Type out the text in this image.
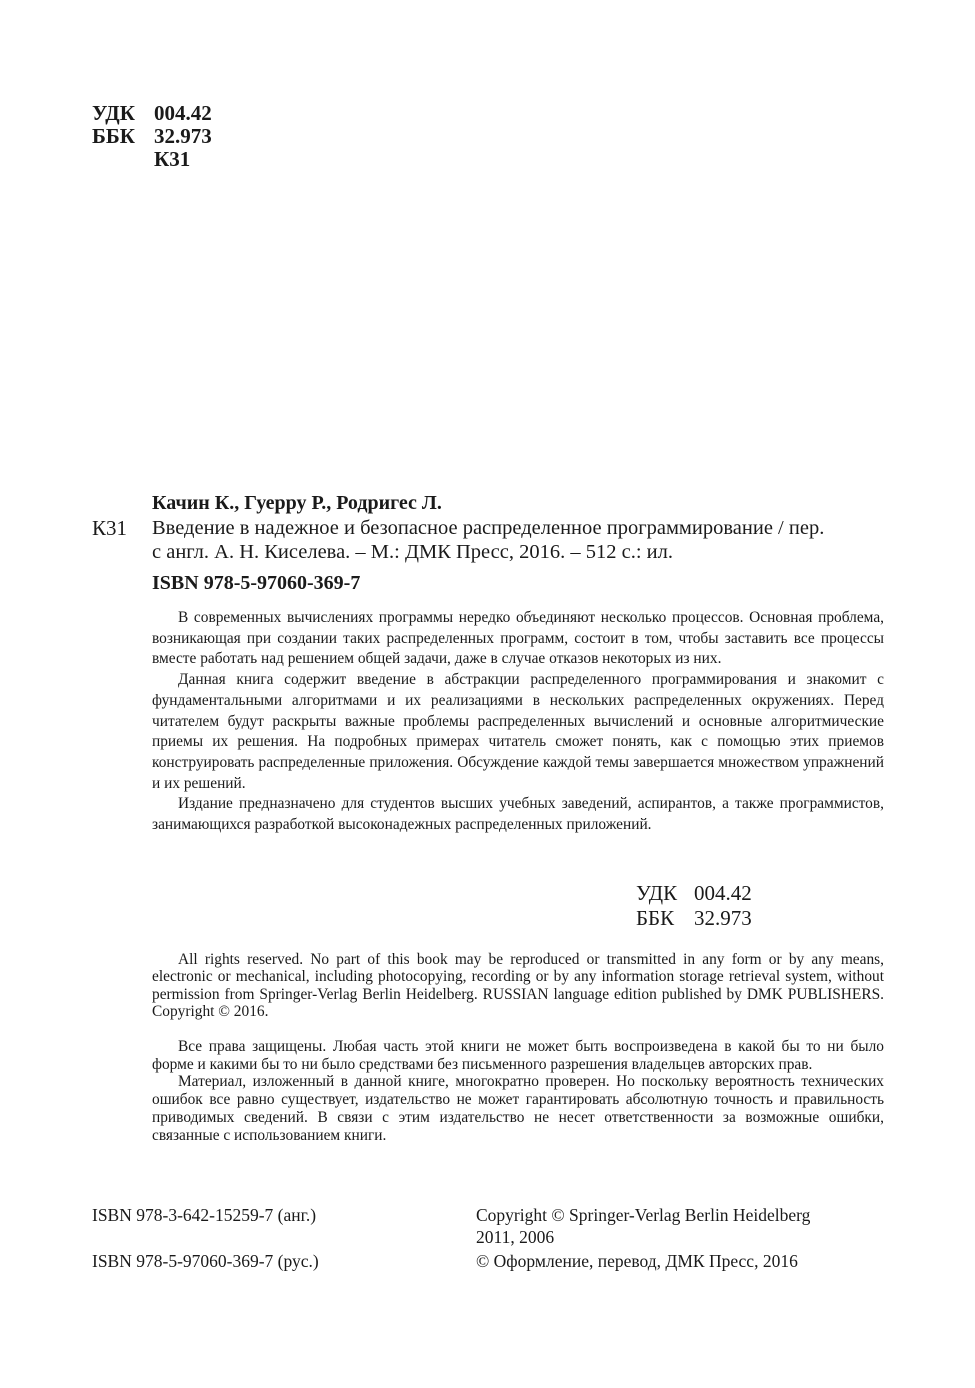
УДК 004.42
ББК 32.973
К31
Качин К., Гуерру Р., Родригес Л.
К31 Введение в надежное и безопасное распределенное программирование / пер.
с англ. А. Н. Киселева. – М.: ДМК Пресс, 2016. – 512 с.: ил.
ISBN 978-5-97060-369-7

В современных вычислениях программы нередко объединяют несколько процессов. Основная проблема, возникающая при создании таких распределенных программ, состоит в том, чтобы заставить все процессы вместе работать над решением общей задачи, даже в случае отказов некоторых из них.

Данная книга содержит введение в абстракции распределенного программирования и знакомит с фундаментальными алгоритмами и их реализациями в нескольких распределенных окружениях. Перед читателем будут раскрыты важные проблемы распределенных вычислений и основные алгоритмические приемы их решения. На подробных примерах читатель сможет понять, как с помощью этих приемов конструировать распределенные приложения. Обсуждение каждой темы завершается множеством упражнений и их решений.

Издание предназначено для студентов высших учебных заведений, аспирантов, а также программистов, занимающихся разработкой высоконадежных распределенных приложений.

УДК 004.42
ББК 32.973

All rights reserved. No part of this book may be reproduced or transmitted in any form or by any means, electronic or mechanical, including photocopying, recording or by any information storage retrieval system, without permission from Springer-Verlag Berlin Heidelberg. RUSSIAN language edition published by DMK PUBLISHERS. Copyright © 2016.

Все права защищены. Любая часть этой книги не может быть воспроизведена в какой бы то ни было форме и какими бы то ни было средствами без письменного разрешения владельцев авторских прав.

Материал, изложенный в данной книге, многократно проверен. Но поскольку вероятность технических ошибок все равно существует, издательство не может гарантировать абсолютную точность и правильность приводимых сведений. В связи с этим издательство не несет ответственности за возможные ошибки, связанные с использованием книги.

ISBN 978-3-642-15259-7 (анг.)
ISBN 978-5-97060-369-7 (рус.)
Copyright © Springer-Verlag Berlin Heidelberg
2011, 2006
© Оформление, перевод, ДМК Пресс, 2016
